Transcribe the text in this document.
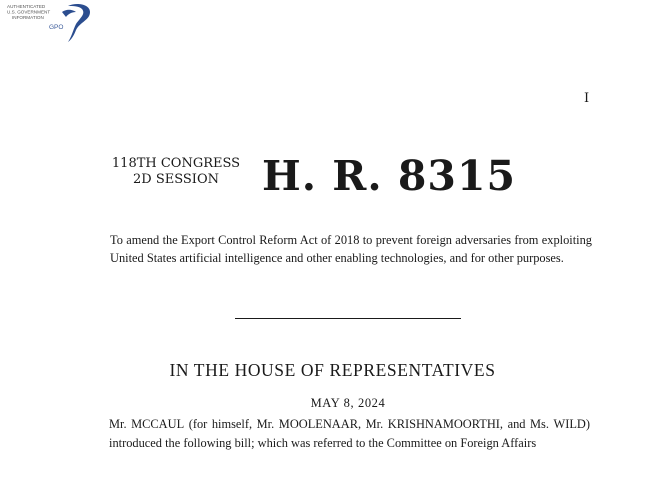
AUTHENTICATED
U.S. GOVERNMENT
INFORMATION
GPO
I
118TH CONGRESS
2D SESSION	H. R. 8315
To amend the Export Control Reform Act of 2018 to prevent foreign adversaries from exploiting United States artificial intelligence and other enabling technologies, and for other purposes.
IN THE HOUSE OF REPRESENTATIVES
MAY 8, 2024
Mr. MCCAUL (for himself, Mr. MOOLENAAR, Mr. KRISHNAMOORTHI, and Ms. WILD) introduced the following bill; which was referred to the Committee on Foreign Affairs
